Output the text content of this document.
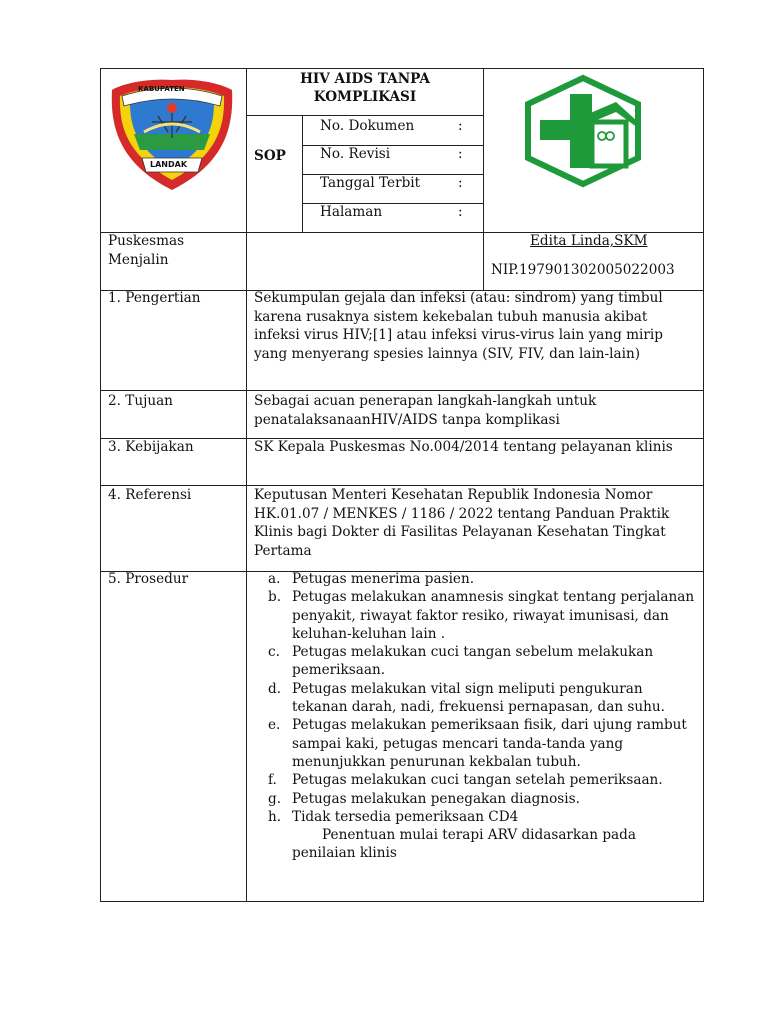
KABUPATEN
LANDAK
HIV AIDS TANPA KOMPLIKASI
SOP
No. Dokumen	:
No. Revisi	:
Tanggal Terbit	:
Halaman	:
Puskesmas Menjalin
Edita Linda,SKM
NIP.197901302005022003
1. Pengertian	Sekumpulan gejala dan infeksi (atau: sindrom) yang timbul karena rusaknya sistem kekebalan tubuh manusia akibat infeksi virus HIV;[1] atau infeksi virus-virus lain yang mirip yang menyerang spesies lainnya (SIV, FIV, dan lain-lain)
2. Tujuan	Sebagai acuan penerapan langkah-langkah untuk penatalaksanaanHIV/AIDS tanpa komplikasi
3. Kebijakan	SK Kepala Puskesmas No.004/2014 tentang pelayanan klinis
4. Referensi	Keputusan Menteri Kesehatan Republik Indonesia Nomor HK.01.07 / MENKES / 1186 / 2022 tentang Panduan Praktik Klinis bagi Dokter di Fasilitas Pelayanan Kesehatan Tingkat Pertama
5. Prosedur	a. Petugas menerima pasien.
b. Petugas melakukan anamnesis singkat tentang perjalanan penyakit, riwayat faktor resiko, riwayat imunisasi, dan keluhan-keluhan lain .
c. Petugas melakukan cuci tangan sebelum melakukan pemeriksaan.
d. Petugas melakukan vital sign meliputi pengukuran tekanan darah, nadi, frekuensi pernapasan, dan suhu.
e. Petugas melakukan pemeriksaan fisik, dari ujung rambut sampai kaki, petugas mencari tanda-tanda yang menunjukkan penurunan kekbalan tubuh.
f. Petugas melakukan cuci tangan setelah pemeriksaan.
g. Petugas melakukan penegakan diagnosis.
h. Tidak tersedia pemeriksaan CD4
Penentuan mulai terapi ARV didasarkan pada penilaian klinis
